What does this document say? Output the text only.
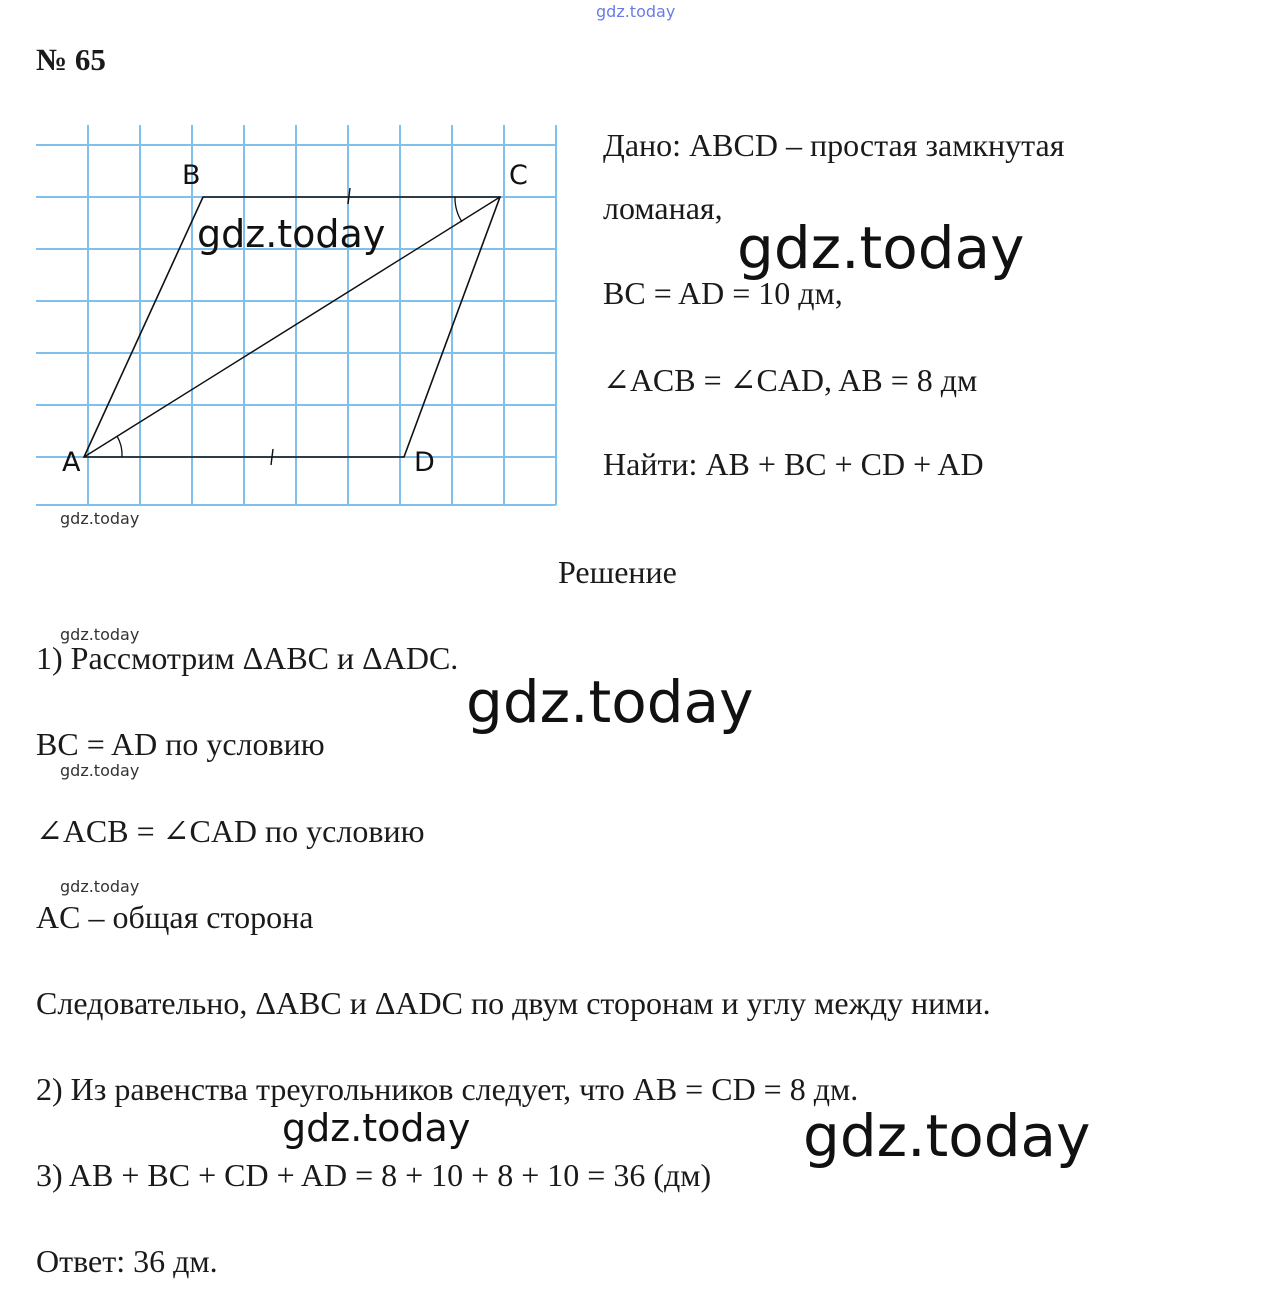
gdz.today
№ 65
B	C
A	D
gdz.today
gdz.today
Дано: ABCD – простая замкнутая
ломаная,
gdz.today
BC = AD = 10 дм,
∠ACB = ∠CAD, AB = 8 дм
Найти: AB + BC + CD + AD
Решение
gdz.today
1) Рассмотрим ΔABC и ΔADC.
gdz.today
BC = AD по условию
gdz.today
∠ACB = ∠CAD по условию
gdz.today
AC – общая сторона
Следовательно, ΔABC и ΔADC по двум сторонам и углу между ними.
2) Из равенства треугольников следует, что AB = CD = 8 дм.
gdz.today	gdz.today
3) AB + BC + CD + AD = 8 + 10 + 8 + 10 = 36 (дм)
Ответ: 36 дм.
